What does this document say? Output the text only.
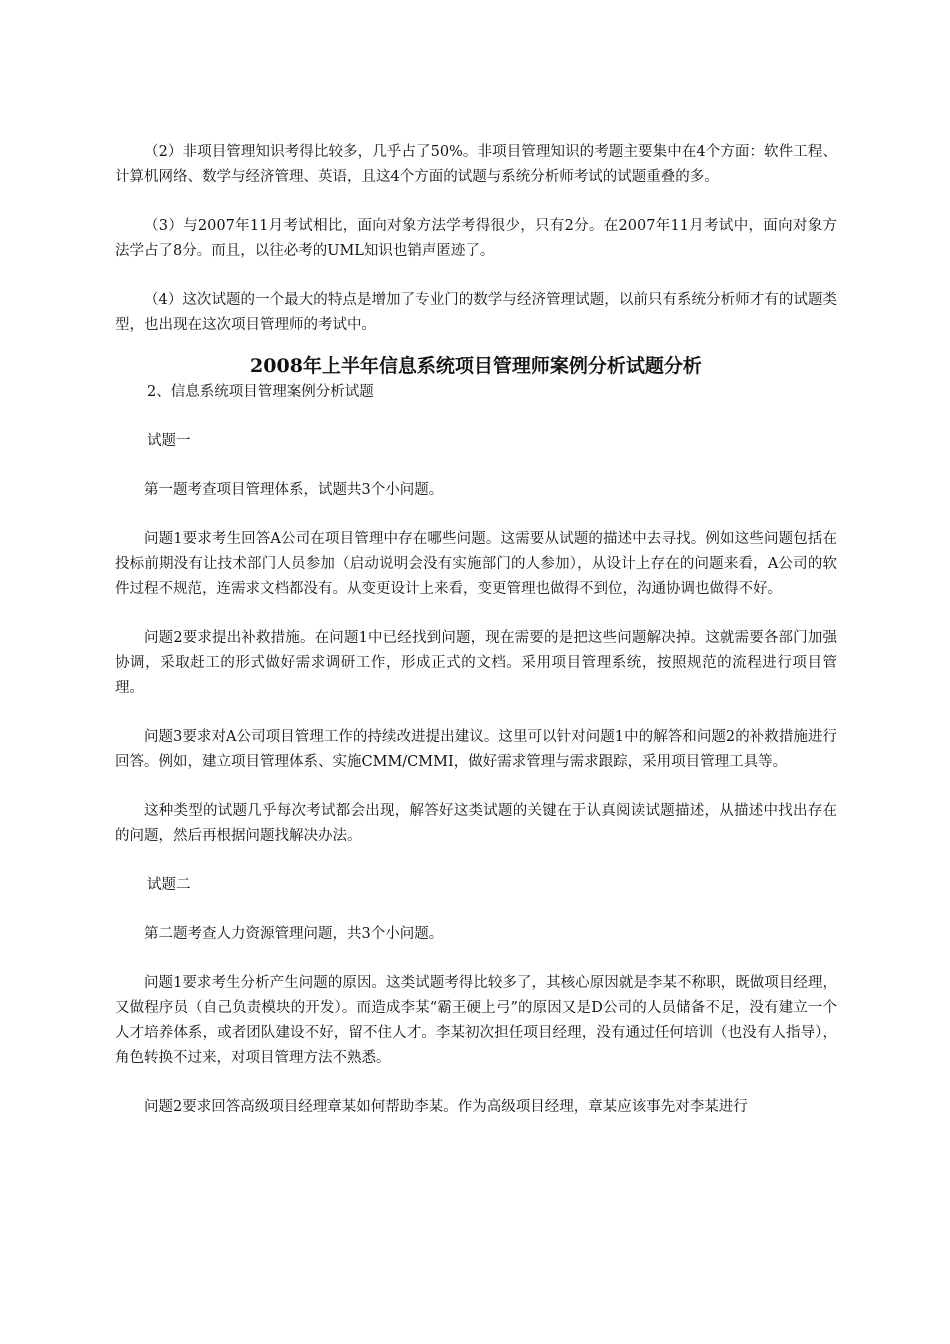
（2）非项目管理知识考得比较多，几乎占了50%。非项目管理知识的考题主要集中在4个方面：软件工程、计算机网络、数学与经济管理、英语，且这4个方面的试题与系统分析师考试的试题重叠的多。

（3）与2007年11月考试相比，面向对象方法学考得很少，只有2分。在2007年11月考试中，面向对象方法学占了8分。而且，以往必考的UML知识也销声匿迹了。

（4）这次试题的一个最大的特点是增加了专业门的数学与经济管理试题，以前只有系统分析师才有的试题类型，也出现在这次项目管理师的考试中。

2008年上半年信息系统项目管理师案例分析试题分析

2、信息系统项目管理案例分析试题

试题一

第一题考查项目管理体系，试题共3个小问题。

问题1要求考生回答A公司在项目管理中存在哪些问题。这需要从试题的描述中去寻找。例如这些问题包括在投标前期没有让技术部门人员参加（启动说明会没有实施部门的人参加），从设计上存在的问题来看，A公司的软件过程不规范，连需求文档都没有。从变更设计上来看，变更管理也做得不到位，沟通协调也做得不好。

问题2要求提出补救措施。在问题1中已经找到问题，现在需要的是把这些问题解决掉。这就需要各部门加强协调，采取赶工的形式做好需求调研工作，形成正式的文档。采用项目管理系统，按照规范的流程进行项目管理。

问题3要求对A公司项目管理工作的持续改进提出建议。这里可以针对问题1中的解答和问题2的补救措施进行回答。例如，建立项目管理体系、实施CMM/CMMI，做好需求管理与需求跟踪，采用项目管理工具等。

这种类型的试题几乎每次考试都会出现，解答好这类试题的关键在于认真阅读试题描述，从描述中找出存在的问题，然后再根据问题找解决办法。

试题二

第二题考查人力资源管理问题，共3个小问题。

问题1要求考生分析产生问题的原因。这类试题考得比较多了，其核心原因就是李某不称职，既做项目经理，又做程序员（自己负责模块的开发）。而造成李某“霸王硬上弓”的原因又是D公司的人员储备不足，没有建立一个人才培养体系，或者团队建设不好，留不住人才。李某初次担任项目经理，没有通过任何培训（也没有人指导），角色转换不过来，对项目管理方法不熟悉。

问题2要求回答高级项目经理章某如何帮助李某。作为高级项目经理，章某应该事先对李某进行
